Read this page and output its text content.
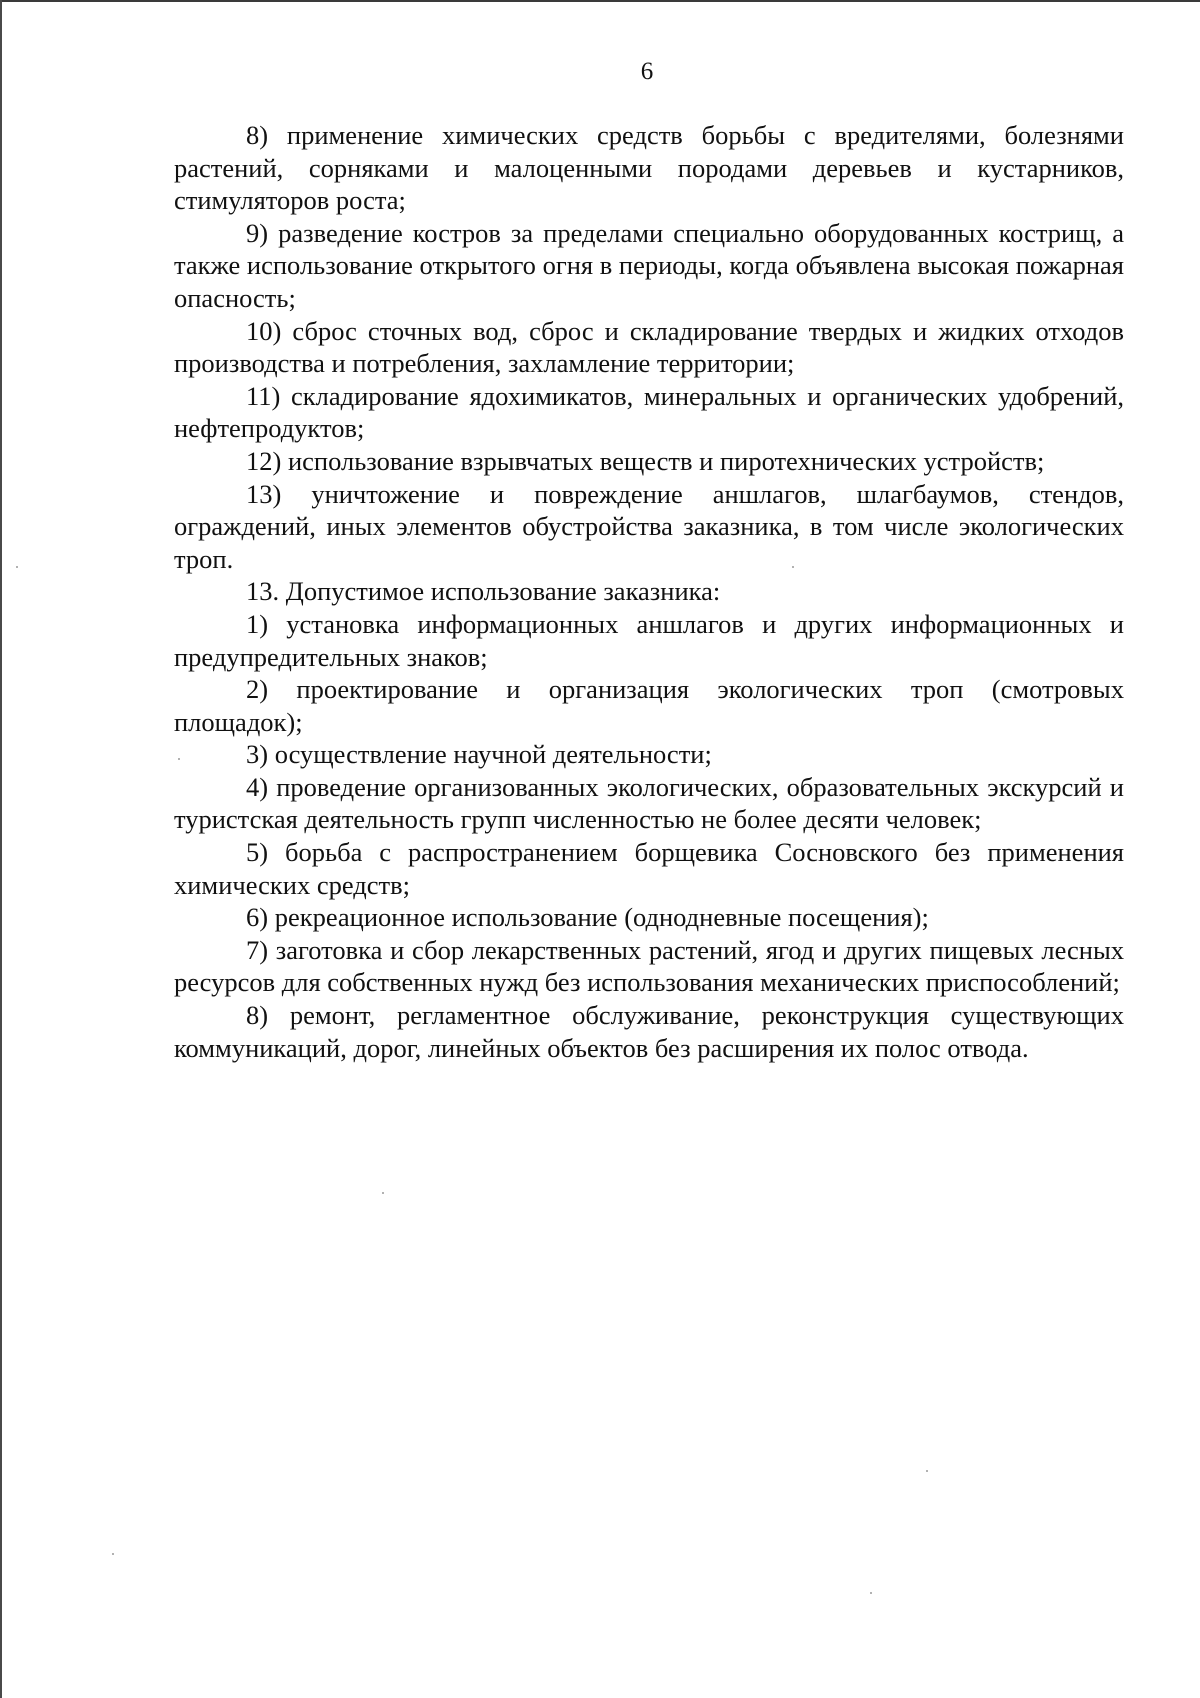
6

8) применение химических средств борьбы с вредителями, болезнями растений, сорняками и малоценными породами деревьев и кустарников, стимуляторов роста;

9) разведение костров за пределами специально оборудованных кострищ, а также использование открытого огня в периоды, когда объявлена высокая пожарная опасность;

10) сброс сточных вод, сброс и складирование твердых и жидких отходов производства и потребления, захламление территории;

11) складирование ядохимикатов, минеральных и органических удобрений, нефтепродуктов;

12) использование взрывчатых веществ и пиротехнических устройств;

13) уничтожение и повреждение аншлагов, шлагбаумов, стендов, ограждений, иных элементов обустройства заказника, в том числе экологических троп.

13. Допустимое использование заказника:

1) установка информационных аншлагов и других информационных и предупредительных знаков;

2) проектирование и организация экологических троп (смотровых площадок);

3) осуществление научной деятельности;

4) проведение организованных экологических, образовательных экскурсий и туристская деятельность групп численностью не более десяти человек;

5) борьба с распространением борщевика Сосновского без применения химических средств;

6) рекреационное использование (однодневные посещения);

7) заготовка и сбор лекарственных растений, ягод и других пищевых лесных ресурсов для собственных нужд без использования механических приспособлений;

8) ремонт, регламентное обслуживание, реконструкция существующих коммуникаций, дорог, линейных объектов без расширения их полос отвода.
